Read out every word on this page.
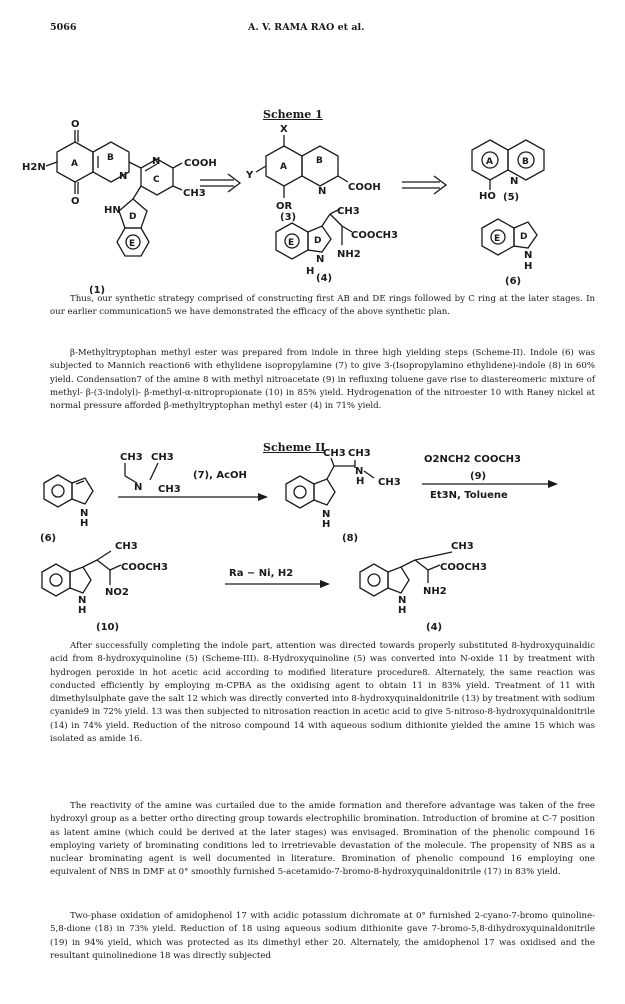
5066	A. V. RAMA RAO et al.
Scheme 1
O
O
H2N	A
B
N
N
C
COOH
CH3
D
HN
E
(1)
X
Y
A
B
N COOH
OR
(3)
A	B
N
HO (5)
CH3
COOCH3
NH2
E D
N
H
(4)
E D
N
H
(6)

Thus, our synthetic strategy comprised of constructing first AB and DE rings followed by C ring at the later stages. In our earlier communication5 we have demonstrated the efficacy of the above synthetic plan.

β-Methyltryptophan methyl ester was prepared from indole in three high yielding steps (Scheme-II). Indole (6) was subjected to Mannich reaction6 with ethylidene isopropylamine (7) to give 3-(Isopropylamino ethylidene)-indole (8) in 60% yield. Condensation7 of the amine 8 with methyl nitroacetate (9) in refluxing toluene gave rise to diastereomeric mixture of methyl- β-(3-indolyl)- β-methyl-α-nitropropionate (10) in 85% yield. Hydrogenation of the nitroester 10 with Raney nickel at normal pressure afforded β-methyltryptophan methyl ester (4) in 71% yield.

Scheme II
N
H
(6)
CH3 CH3
N CH3
(7), AcOH
CH3 CH3
N
H CH3
N
H
(8)
O2NCH2 COOCH3
(9)
Et3N, Toluene
CH3
COOCH3
NO2
N
H
(10)
Ra − Ni, H2
CH3
COOCH3
NH2
N
H
(4)

After successfully completing the indole part, attention was directed towards properly substituted 8-hydroxyquinaldic acid from 8-hydroxyquinoline (5) (Scheme-III). 8-Hydroxyquinoline (5) was converted into N-oxide 11 by treatment with hydrogen peroxide in hot acetic acid according to modified literature procedure8. Alternately, the same reaction was conducted efficiently by employing m-CPBA as the oxidising agent to obtain 11 in 83% yield. Treatment of 11 with dimethylsulphate gave the salt 12 which was directly converted into 8-hydroxyquinaldonitrile (13) by treatment with sodium cyanide9 in 72% yield. 13 was then subjected to nitrosation reaction in acetic acid to give 5-nitroso-8-hydroxyquinaldonitrile (14) in 74% yield. Reduction of the nitroso compound 14 with aqueous sodium dithionite yielded the amine 15 which was isolated as amide 16.

The reactivity of the amine was curtailed due to the amide formation and therefore advantage was taken of the free hydroxyl group as a better ortho directing group towards electrophilic bromination. Introduction of bromine at C-7 position as latent amine (which could be derived at the later stages) was envisaged. Bromination of the phenolic compound 16 employing variety of brominating conditions led to irretrievable devastation of the molecule. The propensity of NBS as a nuclear brominating agent is well documented in literature. Bromination of phenolic compound 16 employing one equivalent of NBS in DMF at 0° smoothly furnished 5-acetamido-7-bromo-8-hydroxyquinaldonitrile (17) in 83% yield.

Two-phase oxidation of amidophenol 17 with acidic potassium dichromate at 0° furnished 2-cyano-7-bromo quinoline-5,8-dione (18) in 73% yield. Reduction of 18 using aqueous sodium dithionite gave 7-bromo-5,8-dihydroxyquinaldonitrile (19) in 94% yield, which was protected as its dimethyl ether 20. Alternately, the amidophenol 17 was oxidised and the resultant quinolinedione 18 was directly subjected
